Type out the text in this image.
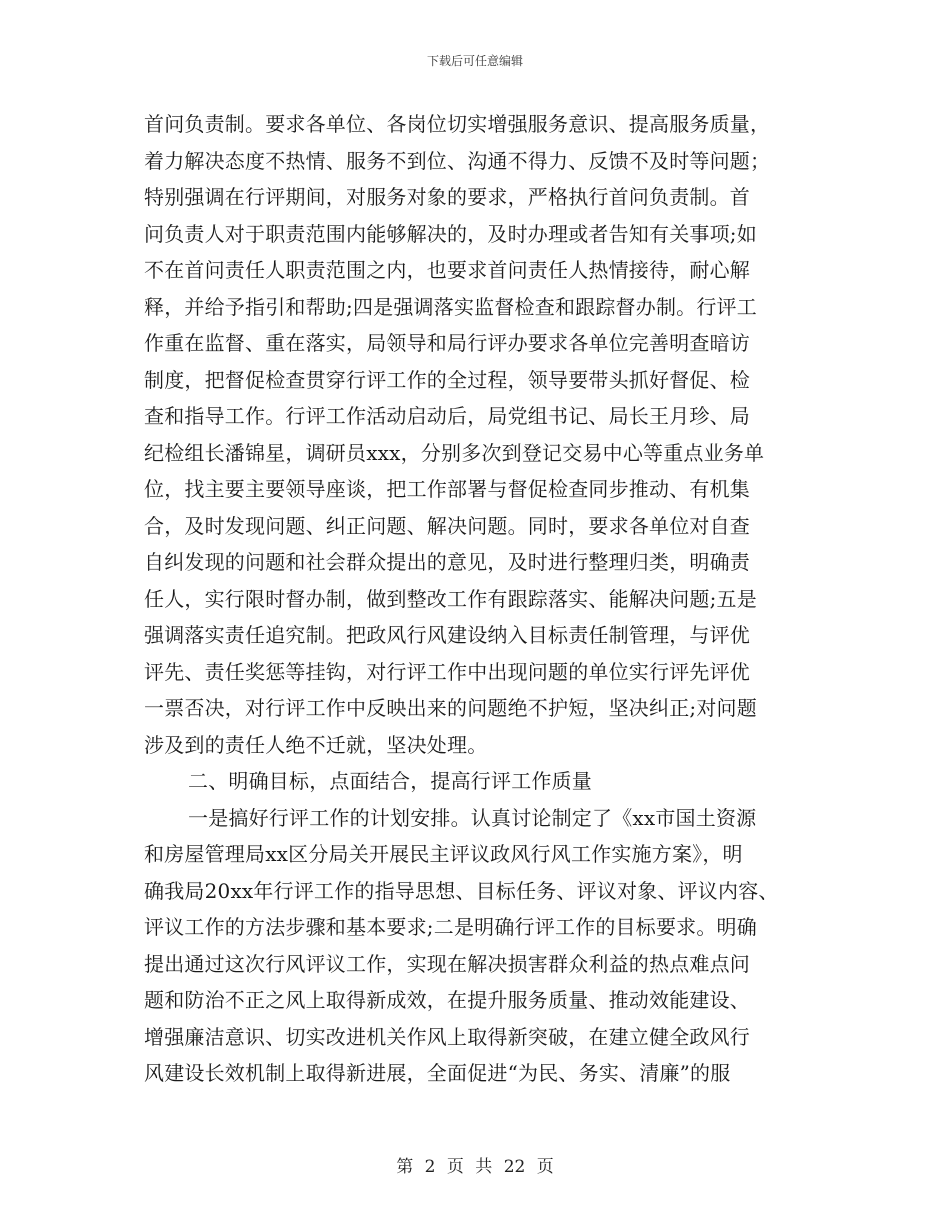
下载后可任意编辑
首问负责制。要求各单位、各岗位切实增强服务意识、提高服务质量，
着力解决态度不热情、服务不到位、沟通不得力、反馈不及时等问题；
特别强调在行评期间，对服务对象的要求，严格执行首问负责制。首
问负责人对于职责范围内能够解决的，及时办理或者告知有关事项;如
不在首问责任人职责范围之内，也要求首问责任人热情接待，耐心解
释，并给予指引和帮助;四是强调落实监督检查和跟踪督办制。行评工
作重在监督、重在落实，局领导和局行评办要求各单位完善明查暗访
制度，把督促检查贯穿行评工作的全过程，领导要带头抓好督促、检
查和指导工作。行评工作活动启动后，局党组书记、局长王月珍、局
纪检组长潘锦星，调研员xxx，分别多次到登记交易中心等重点业务单
位，找主要主要领导座谈，把工作部署与督促检查同步推动、有机集
合，及时发现问题、纠正问题、解决问题。同时，要求各单位对自查
自纠发现的问题和社会群众提出的意见，及时进行整理归类，明确责
任人，实行限时督办制，做到整改工作有跟踪落实、能解决问题;五是
强调落实责任追究制。把政风行风建设纳入目标责任制管理，与评优
评先、责任奖惩等挂钩，对行评工作中出现问题的单位实行评先评优
一票否决，对行评工作中反映出来的问题绝不护短，坚决纠正;对问题
涉及到的责任人绝不迁就，坚决处理。
二、明确目标，点面结合，提高行评工作质量
一是搞好行评工作的计划安排。认真讨论制定了《xx市国土资源
和房屋管理局xx区分局关开展民主评议政风行风工作实施方案》，明
确我局20xx年行评工作的指导思想、目标任务、评议对象、评议内容、
评议工作的方法步骤和基本要求;二是明确行评工作的目标要求。明确
提出通过这次行风评议工作，实现在解决损害群众利益的热点难点问
题和防治不正之风上取得新成效，在提升服务质量、推动效能建设、
增强廉洁意识、切实改进机关作风上取得新突破，在建立健全政风行
风建设长效机制上取得新进展，全面促进“为民、务实、清廉”的服
第 2 页 共 22 页
